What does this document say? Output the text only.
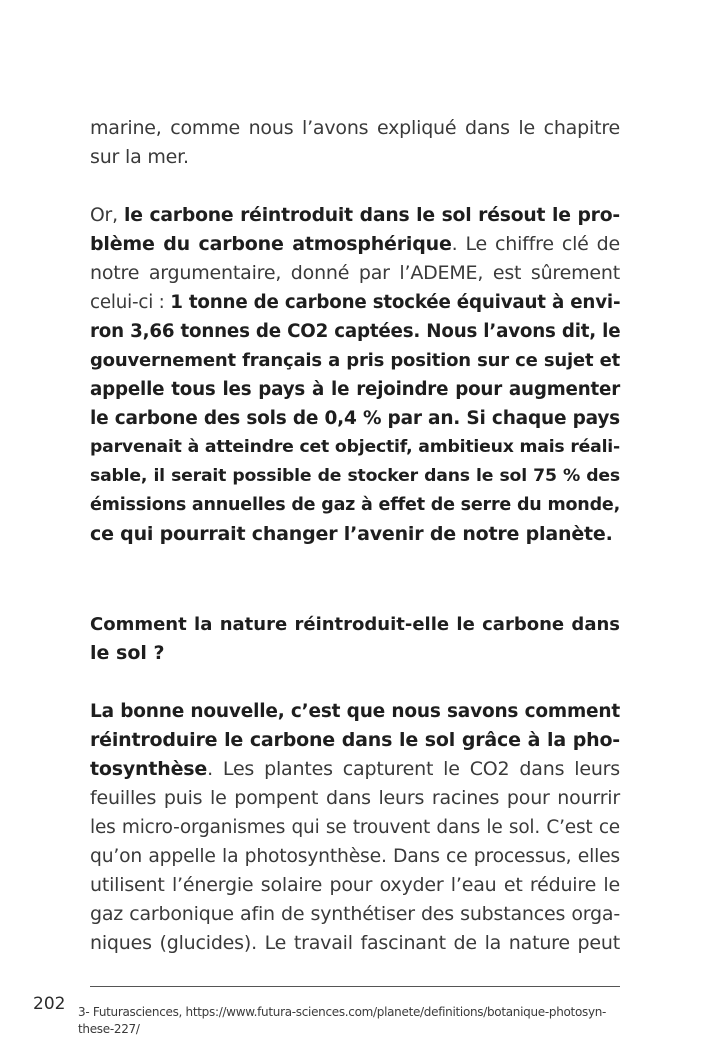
marine, comme nous l’avons expliqué dans le chapitre
sur la mer.
Or, le carbone réintroduit dans le sol résout le pro-
blème du carbone atmosphérique. Le chiffre clé de
notre argumentaire, donné par l’ADEME, est sûrement
celui-ci : 1 tonne de carbone stockée équivaut à envi-
ron 3,66 tonnes de CO2 captées. Nous l’avons dit, le
gouvernement français a pris position sur ce sujet et
appelle tous les pays à le rejoindre pour augmenter
le carbone des sols de 0,4 % par an. Si chaque pays
parvenait à atteindre cet objectif, ambitieux mais réali-
sable, il serait possible de stocker dans le sol 75 % des
émissions annuelles de gaz à effet de serre du monde,
ce qui pourrait changer l’avenir de notre planète.
Comment la nature réintroduit-elle le carbone dans
le sol ?
La bonne nouvelle, c’est que nous savons comment
réintroduire le carbone dans le sol grâce à la pho-
tosynthèse. Les plantes capturent le CO2 dans leurs
feuilles puis le pompent dans leurs racines pour nourrir
les micro-organismes qui se trouvent dans le sol. C’est ce
qu’on appelle la photosynthèse. Dans ce processus, elles
utilisent l’énergie solaire pour oxyder l’eau et réduire le
gaz carbonique afin de synthétiser des substances orga-
niques (glucides). Le travail fascinant de la nature peut
202 3- Futurasciences, https://www.futura-sciences.com/planete/definitions/botanique-photosyn-these-227/
